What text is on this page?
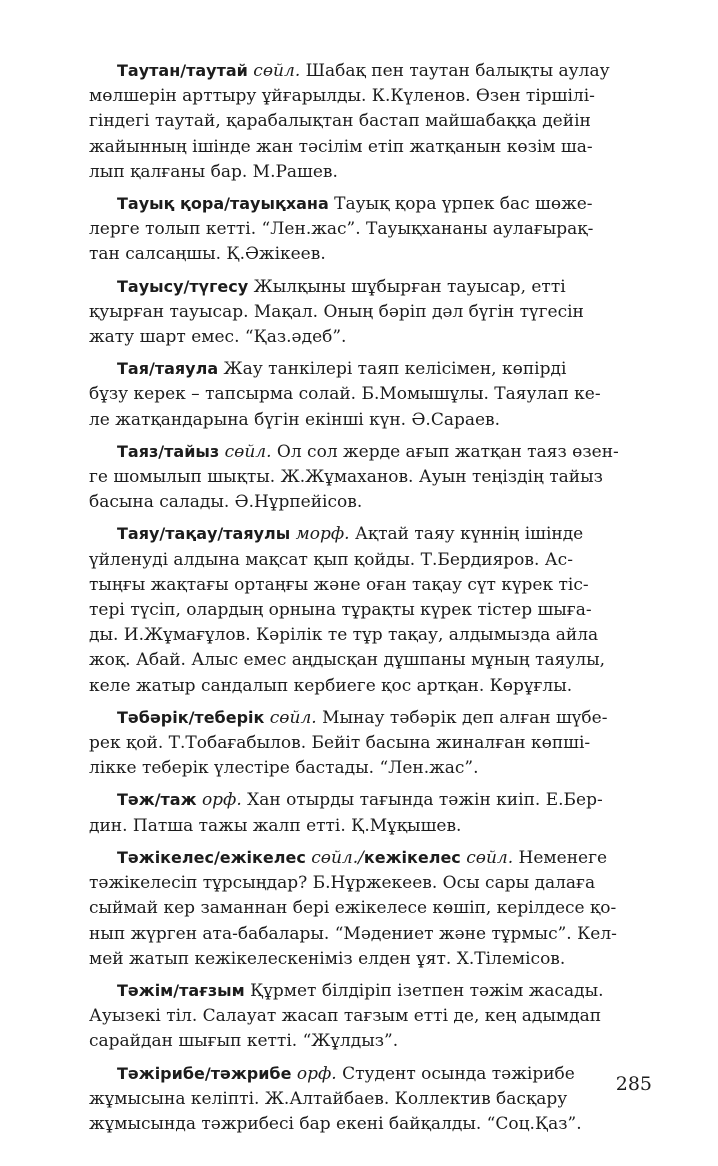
Таутан/таутай сөйл. Шабақ пен таутан балықты аулау
мөлшерін арттыру ұйғарылды. К.Күленов. Өзен тіршілі-
гіндегі таутай, қарабалықтан бастап майшабаққа дейін
жайынның ішінде жан тәсілім етіп жатқанын көзім ша-
лып қалғаны бар. М.Рашев.

Тауық қора/тауықхана Тауық қора үрпек бас шөже-
лерге толып кетті. “Лен.жас”. Тауықхананы аулағырақ-
тан салсаңшы. Қ.Әжікеев.

Тауысу/түгесу Жылқыны шұбырған тауысар, етті
қуырған тауысар. Мақал. Оның бәріп дәл бүгін түгесін
жату шарт емес. “Қаз.әдеб”.

Тая/таяула Жау танкілері таяп келісімен, көпірді
бұзу керек – тапсырма солай. Б.Момышұлы. Таяулап ке-
ле жатқандарына бүгін екінші күн. Ә.Сараев.

Таяз/тайыз сөйл. Ол сол жерде ағып жатқан таяз өзен-
ге шомылып шықты. Ж.Жұмаханов. Ауын теңіздің тайыз
басына салады. Ә.Нұрпейісов.

Таяу/тақау/таяулы морф. Ақтай таяу күннің ішінде
үйленуді алдына мақсат қып қойды. Т.Бердияров. Ас-
тыңғы жақтағы ортаңғы және оған тақау сүт күрек тіс-
тері түсіп, олардың орнына тұрақты күрек тістер шыға-
ды. И.Жұмағұлов. Кәрілік те тұр тақау, алдымызда айла
жоқ. Абай. Алыс емес аңдысқан дұшпаны мұның таяулы,
келе жатыр сандалып кербиеге қос артқан. Көрұғлы.

Тәбәрік/теберік сөйл. Мынау тәбәрік деп алған шүбе-
рек қой. Т.Тобағабылов. Бейіт басына жиналған көпші-
лікке теберік үлестіре бастады. “Лен.жас”.

Тәж/таж орф. Хан отырды тағында тәжін киіп. Е.Бер-
дин. Патша тажы жалп етті. Қ.Мұқышев.

Тәжікелес/ежікелес сөйл./кежікелес сөйл. Неменеге
тәжікелесіп тұрсыңдар? Б.Нұржекеев. Осы сары далаға
сыймай кер заманнан бері ежікелесе көшіп, керілдесе қо-
нып жүрген ата-бабалары. “Мәдениет және тұрмыс”. Кел-
мей жатып кежікелескеніміз елден ұят. Х.Тілемісов.

Тәжім/тағзым Құрмет білдіріп ізетпен тәжім жасады.
Ауызекі тіл. Салауат жасап тағзым етті де, кең адымдап
сарайдан шығып кетті. “Жұлдыз”.

Тәжірибе/тәжрибе орф. Студент осында тәжірибе
жұмысына келіпті. Ж.Алтайбаев. Коллектив басқару
жұмысында тәжрибесі бар екені байқалды. “Соц.Қаз”.

285
